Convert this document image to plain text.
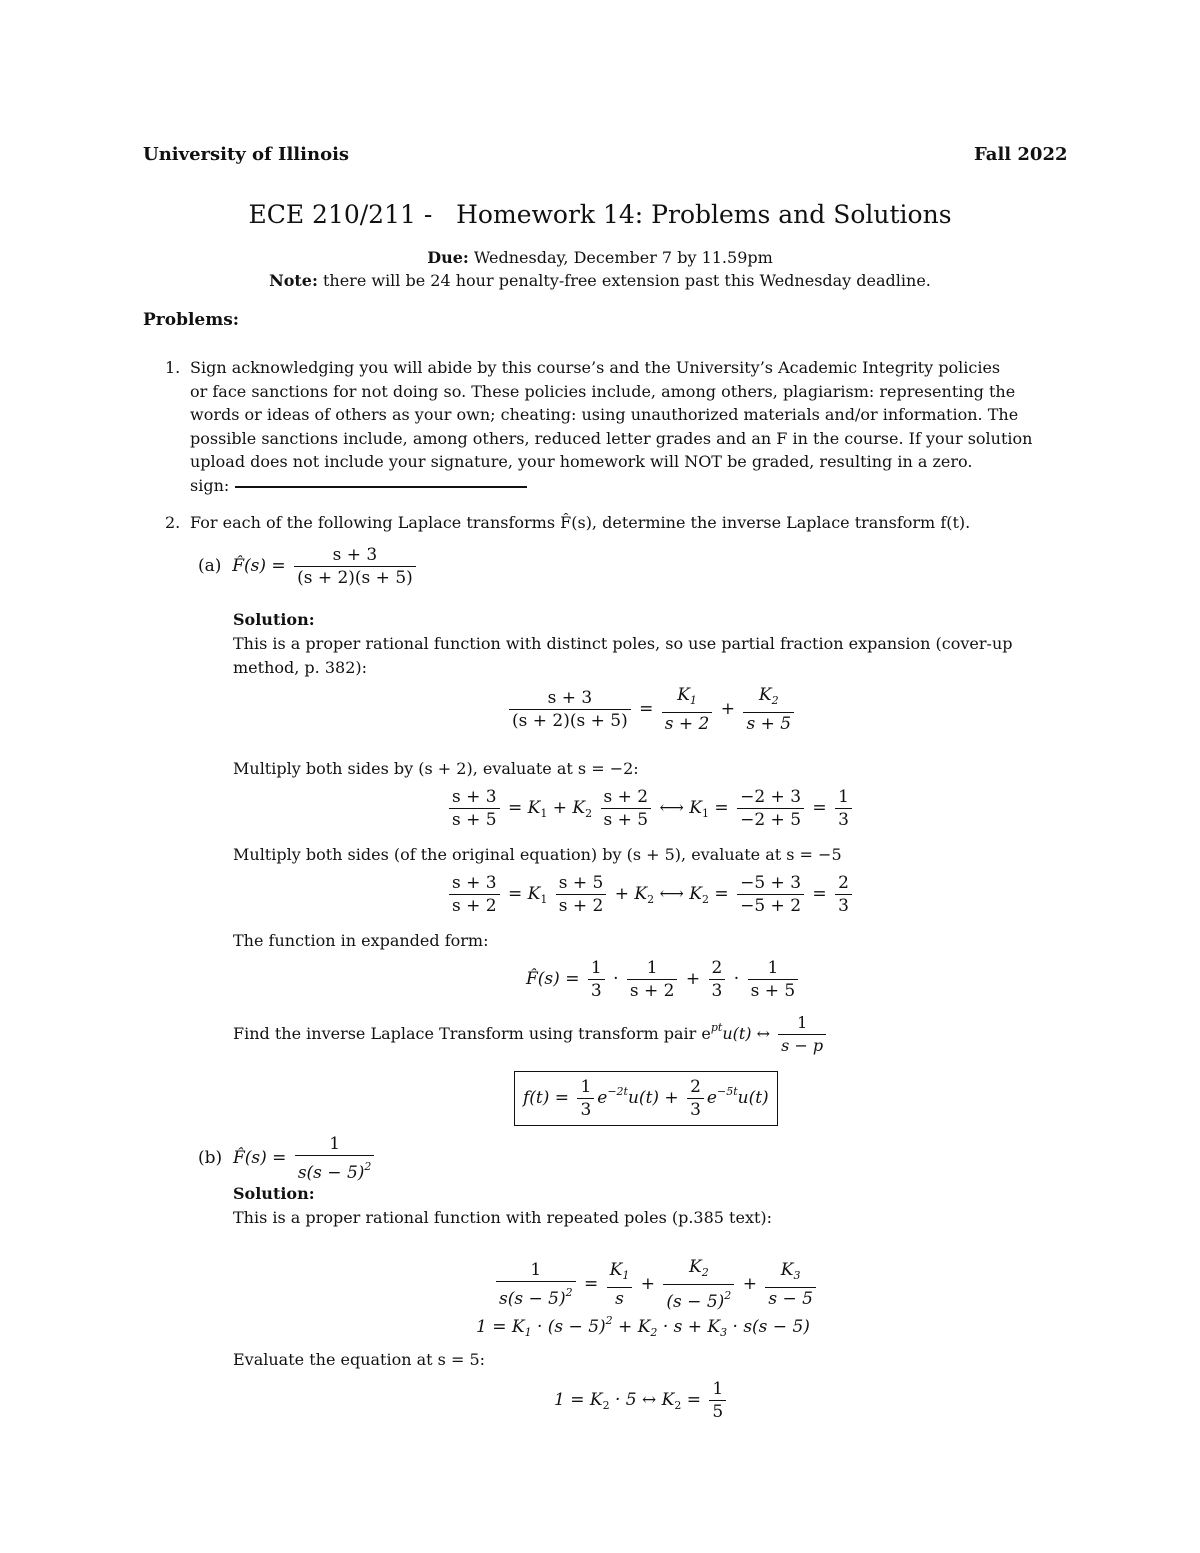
University of Illinois	Fall 2022
ECE 210/211 -   Homework 14: Problems and Solutions
Due: Wednesday, December 7 by 11.59pm
Note: there will be 24 hour penalty-free extension past this Wednesday deadline.
Problems:
1. Sign acknowledging you will abide by this course’s and the University’s Academic Integrity policies
or face sanctions for not doing so. These policies include, among others, plagiarism: representing the
words or ideas of others as your own; cheating: using unauthorized materials and/or information. The
possible sanctions include, among others, reduced letter grades and an F in the course. If your solution
upload does not include your signature, your homework will NOT be graded, resulting in a zero.
sign:
2. For each of the following Laplace transforms F̂(s), determine the inverse Laplace transform f(t).
(a) F̂(s) = $\frac{s + 3}{(s + 2)(s + 5)}$
Solution:
This is a proper rational function with distinct poles, so use partial fraction expansion (cover-up
method, p. 382):
$\frac{s + 3}{(s + 2)(s + 5)} = \frac{K_1}{s + 2} + \frac{K_2}{s + 5}$
Multiply both sides by (s + 2), evaluate at s = −2:
$\frac{s + 3}{s + 5} = K_1 + K_2 \frac{s + 2}{s + 5}$ ⟷ $K_1 = \frac{-2 + 3}{-2 + 5} = \frac{1}{3}$
Multiply both sides (of the original equation) by (s + 5), evaluate at s = −5
$\frac{s + 3}{s + 2} = K_1 \frac{s + 5}{s + 2} + K_2$ ⟷ $K_2 = \frac{-5 + 3}{-5 + 2} = \frac{2}{3}$
The function in expanded form:
F̂(s) = $\frac{1}{3} \cdot \frac{1}{s + 2} + \frac{2}{3} \cdot \frac{1}{s + 5}$
Find the inverse Laplace Transform using transform pair $e^{pt}u(t)$ ↔ $\frac{1}{s - p}$
$f(t) = \frac{1}{3} e^{-2t}u(t) + \frac{2}{3} e^{-5t}u(t)$
(b) F̂(s) = $\frac{1}{s(s - 5)^2}$
Solution:
This is a proper rational function with repeated poles (p.385 text):
$\frac{1}{s(s - 5)^2} = \frac{K_1}{s} + \frac{K_2}{(s - 5)^2} + \frac{K_3}{s - 5}$
$1 = K_1 \cdot (s - 5)^2 + K_2 \cdot s + K_3 \cdot s(s - 5)$
Evaluate the equation at s = 5:
$1 = K_2 \cdot 5$ ↔ $K_2 = \frac{1}{5}$
